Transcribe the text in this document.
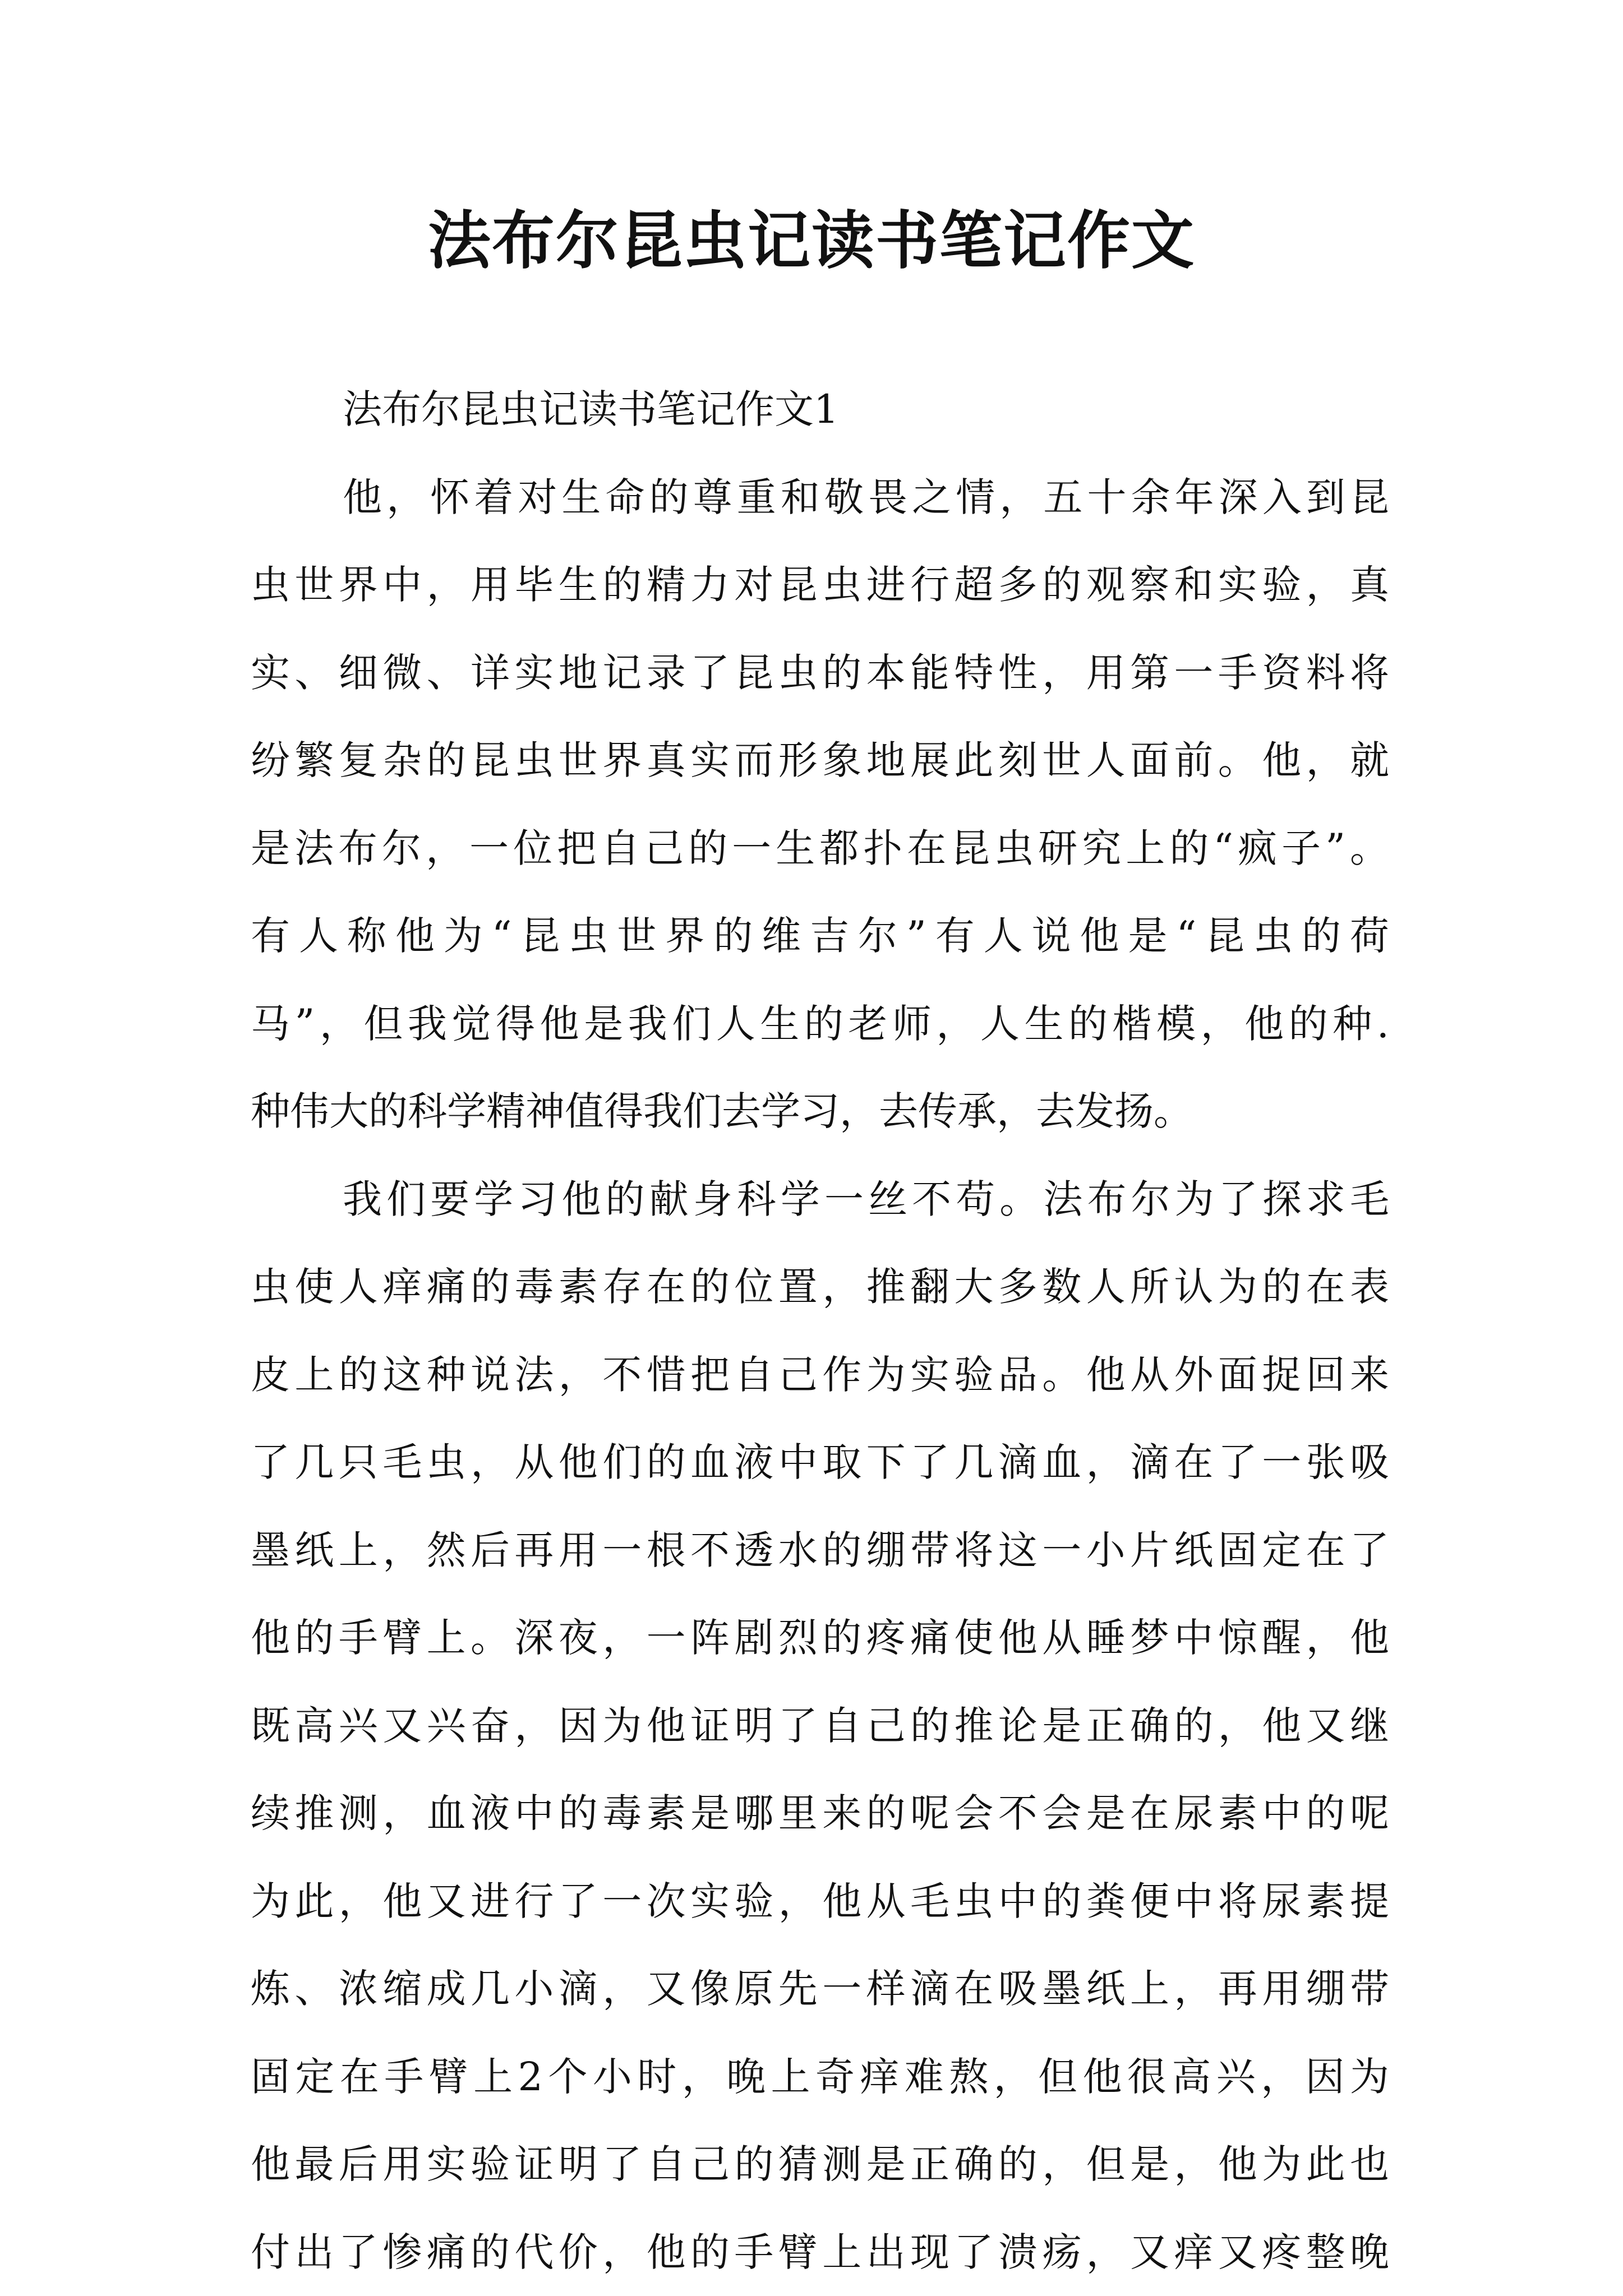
法布尔昆虫记读书笔记作文
法布尔昆虫记读书笔记作文1
他，怀着对生命的尊重和敬畏之情，五十余年深入到昆
虫世界中，用毕生的精力对昆虫进行超多的观察和实验，真
实、细微、详实地记录了昆虫的本能特性，用第一手资料将
纷繁复杂的昆虫世界真实而形象地展此刻世人面前。他，就
是法布尔，一位把自己的一生都扑在昆虫研究上的“疯子”。
有人称他为“昆虫世界的维吉尔”有人说他是“昆虫的荷
马”，但我觉得他是我们人生的老师，人生的楷模，他的种.
种伟大的科学精神值得我们去学习，去传承，去发扬。
我们要学习他的献身科学一丝不苟。法布尔为了探求毛
虫使人痒痛的毒素存在的位置，推翻大多数人所认为的在表
皮上的这种说法，不惜把自己作为实验品。他从外面捉回来
了几只毛虫，从他们的血液中取下了几滴血，滴在了一张吸
墨纸上，然后再用一根不透水的绷带将这一小片纸固定在了
他的手臂上。深夜，一阵剧烈的疼痛使他从睡梦中惊醒，他
既高兴又兴奋，因为他证明了自己的推论是正确的，他又继
续推测，血液中的毒素是哪里来的呢会不会是在尿素中的呢
为此，他又进行了一次实验，他从毛虫中的粪便中将尿素提
炼、浓缩成几小滴，又像原先一样滴在吸墨纸上，再用绷带
固定在手臂上2个小时，晚上奇痒难熬，但他很高兴，因为
他最后用实验证明了自己的猜测是正确的，但是，他为此也
付出了惨痛的代价，他的手臂上出现了溃疡，又痒又疼整晚
